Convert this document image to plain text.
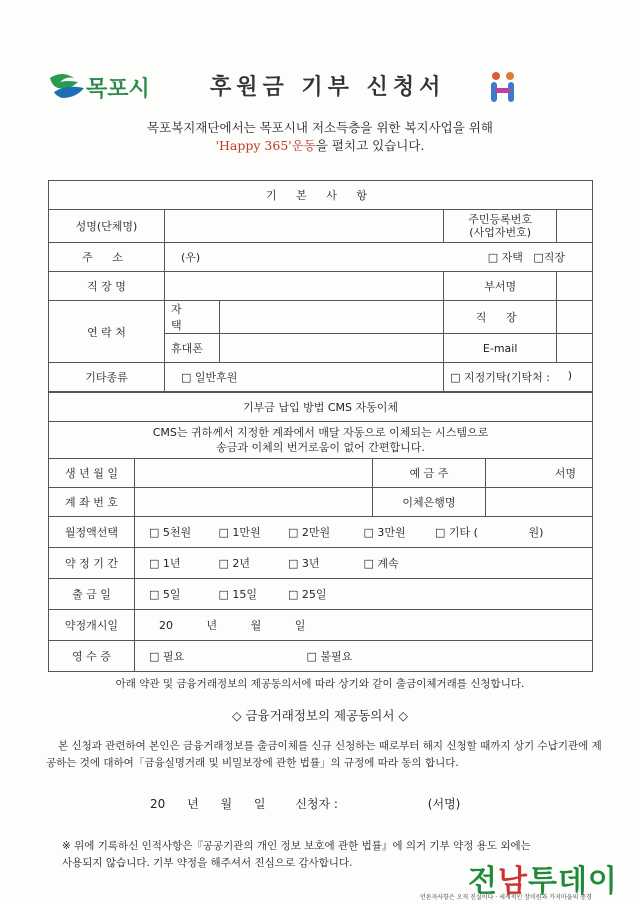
목포시	후원금 기부 신청서
목포복지재단에서는 목포시내 저소득층을 위한 복지사업을 위해
'Happy 365'운동을 펼치고 있습니다.
기 본 사 항				
성명(단체명)			주민등록번호
(사업자번호)	
주 소	(우) □ 자택 □직장			

직 장 명			부서명	
연 락 처	자 택		직 장	
	휴대폰		E-mail	
기타종류	□ 일반후원		□ 지정기탁(기탁처 : )	
기부금 납입 방법 CMS 자동이체			

CMS는 귀하께서 지정한 계좌에서 매달 자동으로 이체되는 시스템으로
송금과 이체의 번거로움이 없어 간편합니다.			

생 년 월 일		예 금 주	서명
계 좌 번 호		이체은행명	
월정액선택	□ 5천원 □ 1만원 □ 2만원 □ 3만원 □ 기타 ( 원)		
약 정 기 간	□ 1년 □ 2년 □ 3년 □ 계속		
출 금 일	□ 5일 □ 15일 □ 25일		
약정개시일	20 년 월 일		
영 수 증	□ 필요 □ 불필요		
아래 약관 및 금융거래정보의 제공동의서에 따라 상기와 같이 출금이체거래를 신청합니다.
◇ 금융거래정보의 제공동의서 ◇
본 신청과 관련하여 본인은 금융거래정보를 출금이체를 신규 신청하는 때로부터 해지 신청할 때까지 상기 수납기관에 제공하는 것에 대하여「금융실명거래 및 비밀보장에 관한 법률」의 규정에 따라 동의 합니다.
20 년 월 일 신청자 :	(서명)
※ 위에 기록하신 인적사항은『공공기관의 개인 정보 보호에 관한 법률』에 의거 기부 약정 용도 외에는 사용되지 않습니다. 기부 약정을 해주셔서 진심으로 감사합니다.
전남투데이
언론자사항은 오직 진실이다 · 세계적인 장미원과 가지마을의 중경
